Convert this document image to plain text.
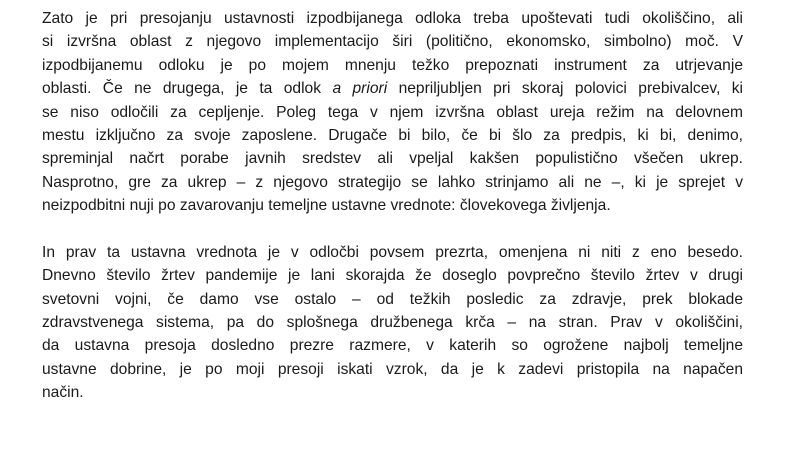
Zato je pri presojanju ustavnosti izpodbijanega odloka treba upoštevati tudi okoliščino, ali
si izvršna oblast z njegovo implementacijo širi (politično, ekonomsko, simbolno) moč. V
izpodbijanemu odloku je po mojem mnenju težko prepoznati instrument za utrjevanje
oblasti. Če ne drugega, je ta odlok a priori nepriljubljen pri skoraj polovici prebivalcev, ki
se niso odločili za cepljenje. Poleg tega v njem izvršna oblast ureja režim na delovnem
mestu izključno za svoje zaposlene. Drugače bi bilo, če bi šlo za predpis, ki bi, denimo,
spreminjal načrt porabe javnih sredstev ali vpeljal kakšen populistično všečen ukrep.
Nasprotno, gre za ukrep – z njegovo strategijo se lahko strinjamo ali ne –, ki je sprejet v
neizpodbitni nuji po zavarovanju temeljne ustavne vrednote: človekovega življenja.
In prav ta ustavna vrednota je v odločbi povsem prezrta, omenjena ni niti z eno besedo.
Dnevno število žrtev pandemije je lani skorajda že doseglo povprečno število žrtev v drugi
svetovni vojni, če damo vse ostalo – od težkih posledic za zdravje, prek blokade
zdravstvenega sistema, pa do splošnega družbenega krča – na stran. Prav v okoliščini,
da ustavna presoja dosledno prezre razmere, v katerih so ogrožene najbolj temeljne
ustavne dobrine, je po moji presoji iskati vzrok, da je k zadevi pristopila na napačen
način.
